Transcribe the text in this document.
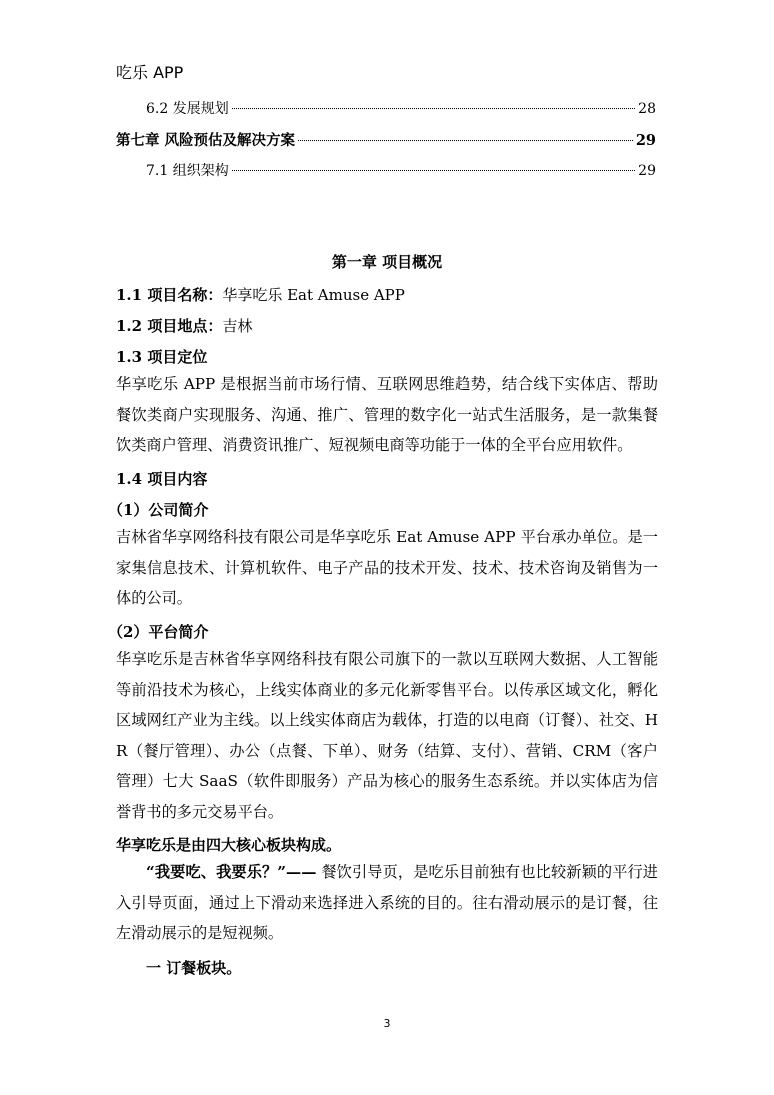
吃乐 APP
6.2 发展规划	28
第七章 风险预估及解决方案	29
7.1 组织架构	29
第一章 项目概况
1.1 项目名称：华享吃乐 Eat Amuse APP
1.2 项目地点：吉林
1.3 项目定位
华享吃乐 APP 是根据当前市场行情、互联网思维趋势，结合线下实体店、帮助餐饮类商户实现服务、沟通、推广、管理的数字化一站式生活服务，是一款集餐饮类商户管理、消费资讯推广、短视频电商等功能于一体的全平台应用软件。
1.4 项目内容
（1）公司简介
吉林省华享网络科技有限公司是华享吃乐 Eat Amuse APP 平台承办单位。是一家集信息技术、计算机软件、电子产品的技术开发、技术、技术咨询及销售为一体的公司。
（2）平台简介
华享吃乐是吉林省华享网络科技有限公司旗下的一款以互联网大数据、人工智能等前沿技术为核心，上线实体商业的多元化新零售平台。以传承区域文化，孵化区域网红产业为主线。以上线实体商店为载体，打造的以电商（订餐）、社交、HR（餐厅管理）、办公（点餐、下单）、财务（结算、支付）、营销、CRM（客户管理）七大 SaaS（软件即服务）产品为核心的服务生态系统。并以实体店为信誉背书的多元交易平台。
华享吃乐是由四大核心板块构成。
“我要吃、我要乐？”—— 餐饮引导页，是吃乐目前独有也比较新颖的平行进入引导页面，通过上下滑动来选择进入系统的目的。往右滑动展示的是订餐，往左滑动展示的是短视频。
一 订餐板块。
3
